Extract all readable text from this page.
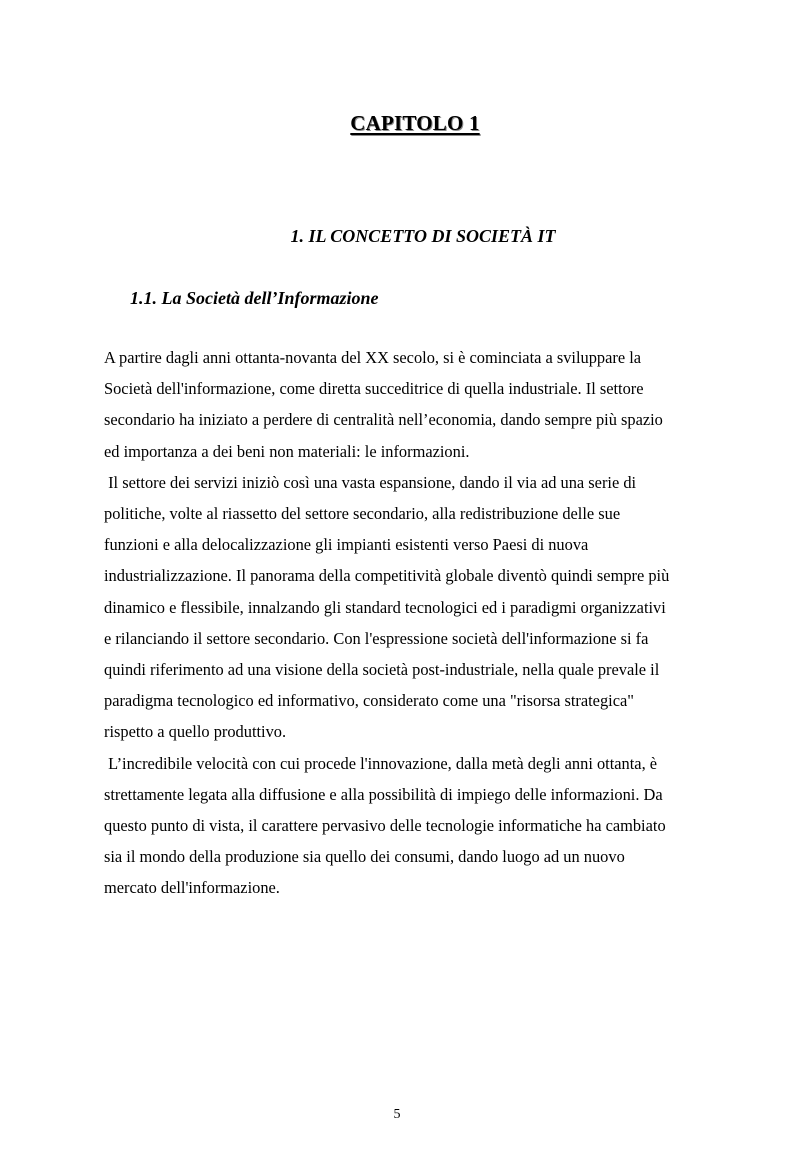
CAPITOLO 1
1. IL CONCETTO DI SOCIETÀ IT
1.1. La Società dell’Informazione
A partire dagli anni ottanta-novanta del XX secolo, si è cominciata a sviluppare la
Società dell'informazione, come diretta succeditrice di quella industriale. Il settore
secondario ha iniziato a perdere di centralità nell’economia, dando sempre più spazio
ed importanza a dei beni non materiali: le informazioni.
Il settore dei servizi iniziò così una vasta espansione, dando il via ad una serie di
politiche, volte al riassetto del settore secondario, alla redistribuzione delle sue
funzioni e alla delocalizzazione gli impianti esistenti verso Paesi di nuova
industrializzazione. Il panorama della competitività globale diventò quindi sempre più
dinamico e flessibile, innalzando gli standard tecnologici ed i paradigmi organizzativi
e rilanciando il settore secondario. Con l'espressione società dell'informazione si fa
quindi riferimento ad una visione della società post-industriale, nella quale prevale il
paradigma tecnologico ed informativo, considerato come una "risorsa strategica"
rispetto a quello produttivo.
L’incredibile velocità con cui procede l'innovazione, dalla metà degli anni ottanta, è
strettamente legata alla diffusione e alla possibilità di impiego delle informazioni. Da
questo punto di vista, il carattere pervasivo delle tecnologie informatiche ha cambiato
sia il mondo della produzione sia quello dei consumi, dando luogo ad un nuovo
mercato dell'informazione.
5
